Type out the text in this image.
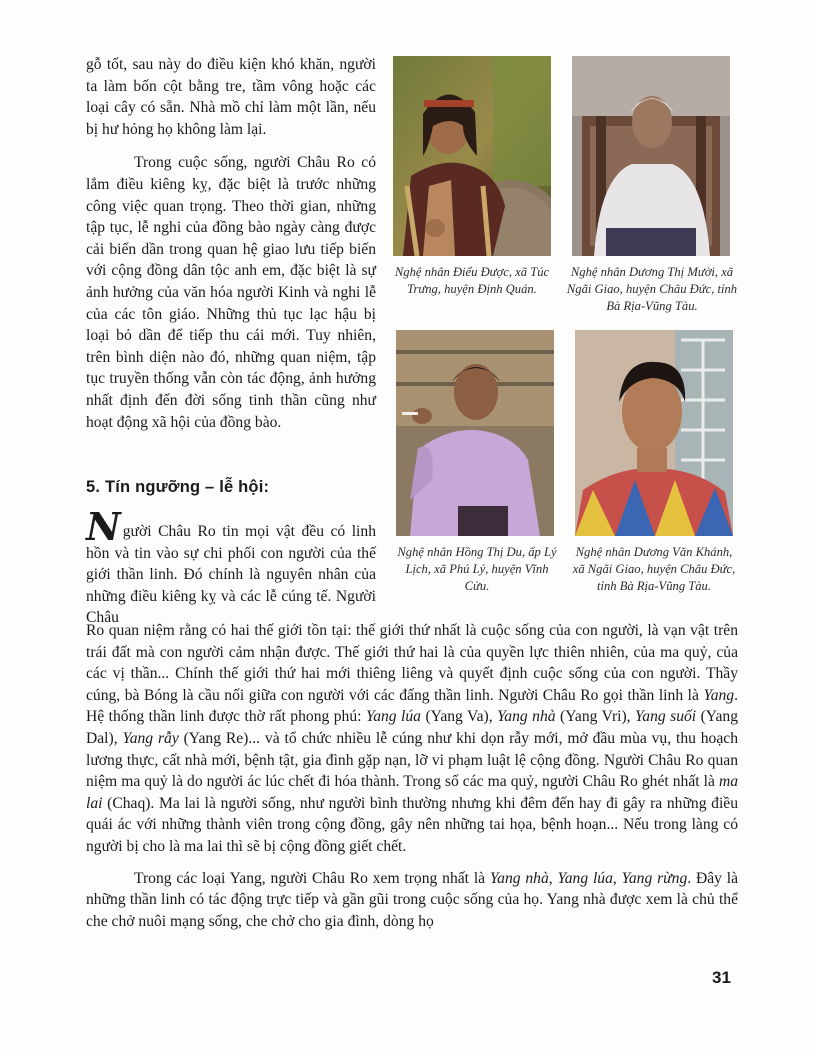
gỗ tốt, sau này do điều kiện khó khăn, người ta làm bốn cột bằng tre, tầm vông hoặc các loại cây có sẵn. Nhà mồ chỉ làm một lần, nếu bị hư hỏng họ không làm lại.

Trong cuộc sống, người Châu Ro có lắm điều kiêng kỵ, đặc biệt là trước những công việc quan trọng. Theo thời gian, những tập tục, lễ nghi của đồng bào ngày càng được cải biến dần trong quan hệ giao lưu tiếp biến với cộng đồng dân tộc anh em, đặc biệt là sự ảnh hưởng của văn hóa người Kinh và nghi lễ của các tôn giáo. Những thủ tục lạc hậu bị loại bỏ dần để tiếp thu cái mới. Tuy nhiên, trên bình diện nào đó, những quan niệm, tập tục truyền thống vẫn còn tác động, ảnh hưởng nhất định đến đời sống tinh thần cũng như hoạt động xã hội của đồng bào.

5. Tín ngưỡng – lễ hội:

Người Châu Ro tin mọi vật đều có linh hồn và tin vào sự chi phối con người của thế giới thần linh. Đó chính là nguyên nhân của những điều kiêng kỵ và các lễ cúng tế. Người Châu

Ro quan niệm rằng có hai thế giới tồn tại: thế giới thứ nhất là cuộc sống của con người, là vạn vật trên trái đất mà con người cảm nhận được. Thế giới thứ hai là của quyền lực thiên nhiên, của ma quỷ, của các vị thần... Chính thế giới thứ hai mới thiêng liêng và quyết định cuộc sống của con người. Thầy cúng, bà Bóng là cầu nối giữa con người với các đấng thần linh. Người Châu Ro gọi thần linh là Yang. Hệ thống thần linh được thờ rất phong phú: Yang lúa (Yang Va), Yang nhà (Yang Vri), Yang suối (Yang Dal), Yang rẫy (Yang Re)... và tổ chức nhiều lễ cúng như khi dọn rẫy mới, mở đầu mùa vụ, thu hoạch lương thực, cất nhà mới, bệnh tật, gia đình gặp nạn, lỡ vi phạm luật lệ cộng đồng. Người Châu Ro quan niệm ma quỷ là do người ác lúc chết đi hóa thành. Trong số các ma quỷ, người Châu Ro ghét nhất là ma lai (Chaq). Ma lai là người sống, như người bình thường nhưng khi đêm đến hay đi gây ra những điều quái ác với những thành viên trong cộng đồng, gây nên những tai họa, bệnh hoạn... Nếu trong làng có người bị cho là ma lai thì sẽ bị cộng đồng giết chết.

Trong các loại Yang, người Châu Ro xem trọng nhất là Yang nhà, Yang lúa, Yang rừng. Đây là những thần linh có tác động trực tiếp và gần gũi trong cuộc sống của họ. Yang nhà được xem là chủ thể che chở nuôi mạng sống, che chở cho gia đình, dòng họ

Nghệ nhân Điểu Được, xã Túc Trưng, huyện Định Quán.
Nghệ nhân Dương Thị Mười, xã Ngãi Giao, huyện Châu Đức, tỉnh Bà Rịa-Vũng Tàu.
Nghệ nhân Hồng Thị Du, ấp Lý Lịch, xã Phú Lý, huyện Vĩnh Cửu.
Nghệ nhân Dương Văn Khánh, xã Ngãi Giao, huyện Châu Đức, tỉnh Bà Rịa-Vũng Tàu.
31
